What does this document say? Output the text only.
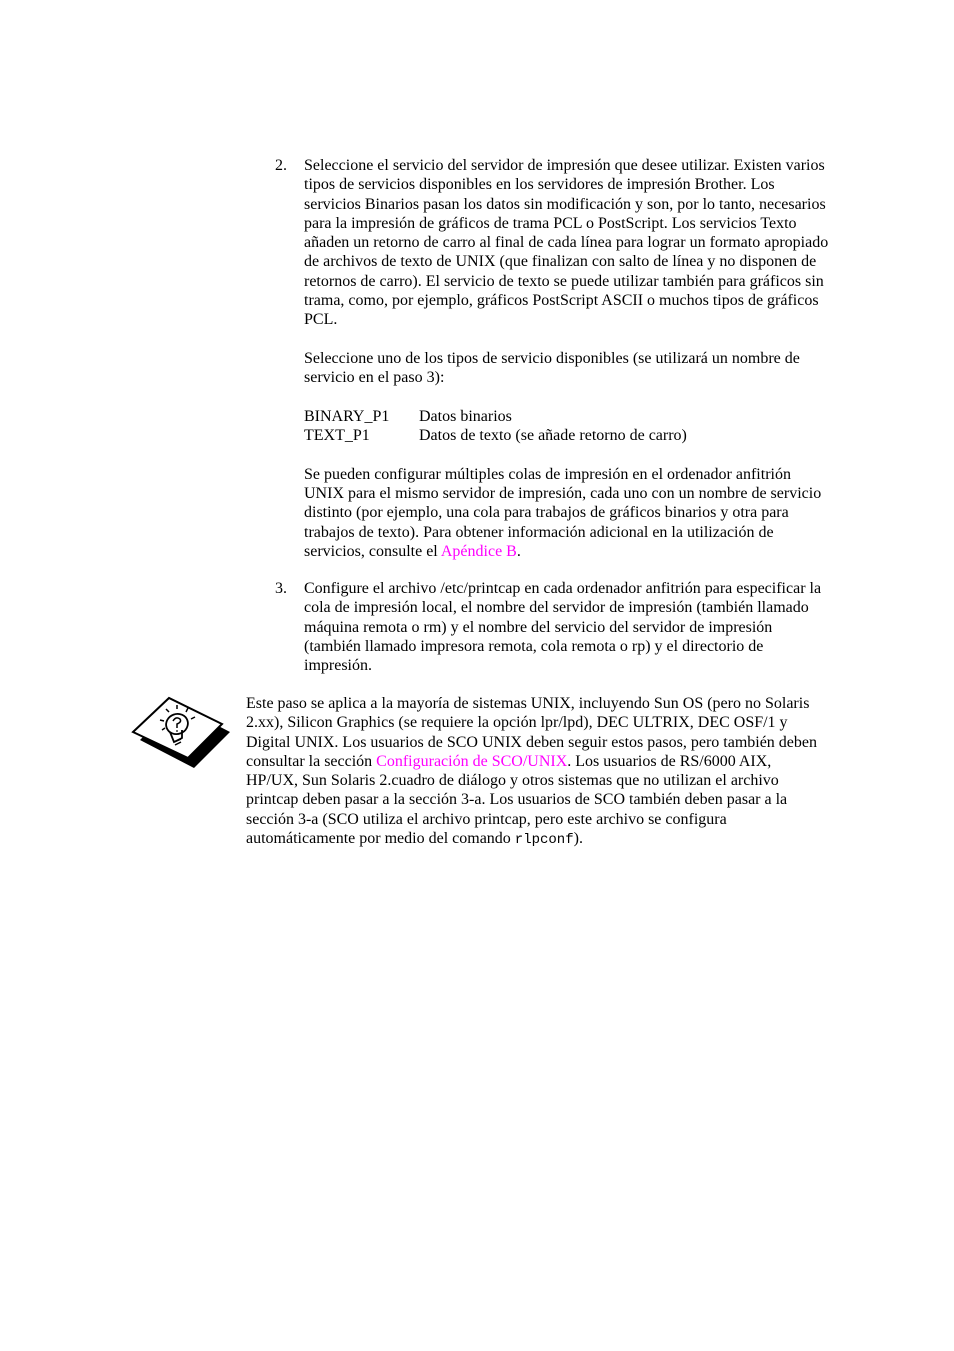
2. Seleccione el servicio del servidor de impresión que desee utilizar. Existen varios tipos de servicios disponibles en los servidores de impresión Brother. Los servicios Binarios pasan los datos sin modificación y son, por lo tanto, necesarios para la impresión de gráficos de trama PCL o PostScript. Los servicios Texto añaden un retorno de carro al final de cada línea para lograr un formato apropiado de archivos de texto de UNIX (que finalizan con salto de línea y no disponen de retornos de carro). El servicio de texto se puede utilizar también para gráficos sin trama, como, por ejemplo, gráficos PostScript ASCII o muchos tipos de gráficos PCL.

Seleccione uno de los tipos de servicio disponibles (se utilizará un nombre de servicio en el paso 3):

BINARY_P1	Datos binarios
TEXT_P1	Datos de texto (se añade retorno de carro)

Se pueden configurar múltiples colas de impresión en el ordenador anfitrión UNIX para el mismo servidor de impresión, cada uno con un nombre de servicio distinto (por ejemplo, una cola para trabajos de gráficos binarios y otra para trabajos de texto). Para obtener información adicional en la utilización de servicios, consulte el Apéndice B.

3. Configure el archivo /etc/printcap en cada ordenador anfitrión para especificar la cola de impresión local, el nombre del servidor de impresión (también llamado máquina remota o rm) y el nombre del servicio del servidor de impresión (también llamado impresora remota, cola remota o rp) y el directorio de impresión.

Este paso se aplica a la mayoría de sistemas UNIX, incluyendo Sun OS (pero no Solaris 2.xx), Silicon Graphics (se requiere la opción lpr/lpd), DEC ULTRIX, DEC OSF/1 y Digital UNIX. Los usuarios de SCO UNIX deben seguir estos pasos, pero también deben consultar la sección Configuración de SCO/UNIX. Los usuarios de RS/6000 AIX, HP/UX, Sun Solaris 2.cuadro de diálogo y otros sistemas que no utilizan el archivo printcap deben pasar a la sección 3-a. Los usuarios de SCO también deben pasar a la sección 3-a (SCO utiliza el archivo printcap, pero este archivo se configura automáticamente por medio del comando rlpconf).
